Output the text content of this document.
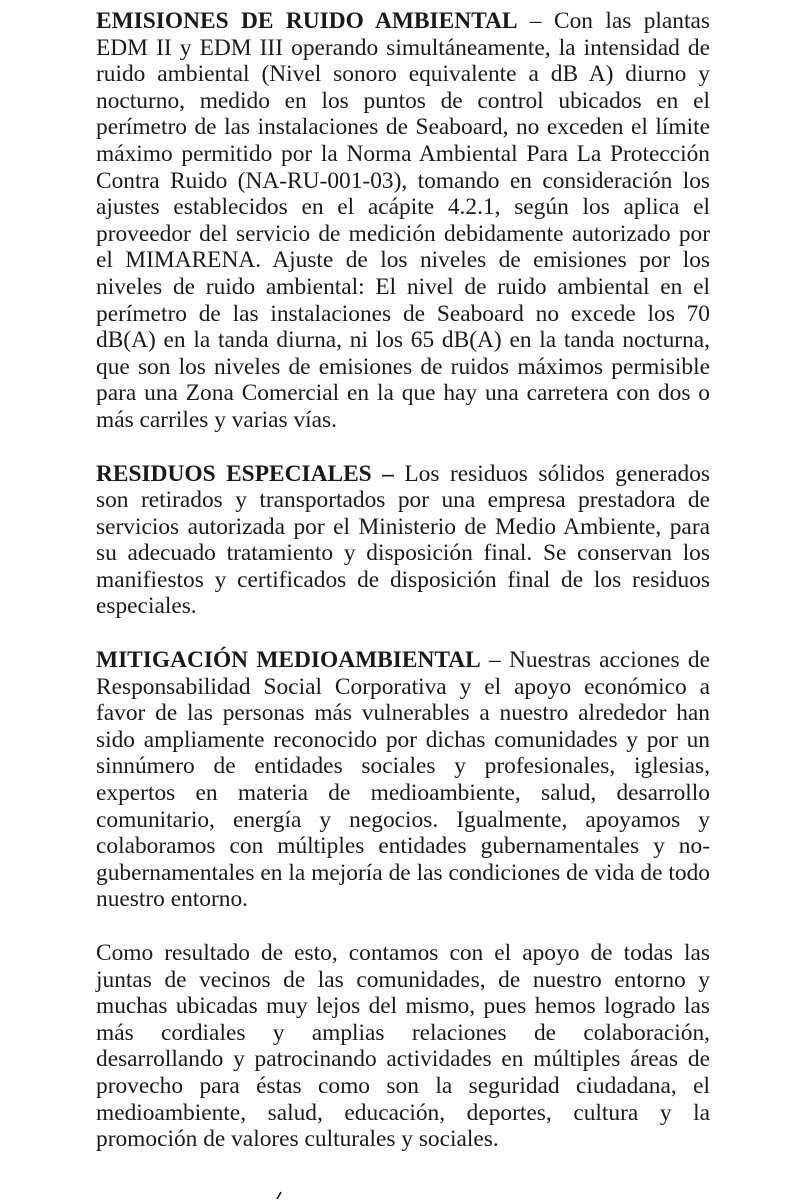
EMISIONES DE RUIDO AMBIENTAL – Con las plantas EDM II y EDM III operando simultáneamente, la intensidad de ruido ambiental (Nivel sonoro equivalente a dB A) diurno y nocturno, medido en los puntos de control ubicados en el perímetro de las instalaciones de Seaboard, no exceden el límite máximo permitido por la Norma Ambiental Para La Protección Contra Ruido (NA-RU-001-03), tomando en consideración los ajustes establecidos en el acápite 4.2.1, según los aplica el proveedor del servicio de medición debidamente autorizado por el MIMARENA. Ajuste de los niveles de emisiones por los niveles de ruido ambiental: El nivel de ruido ambiental en el perímetro de las instalaciones de Seaboard no excede los 70 dB(A) en la tanda diurna, ni los 65 dB(A) en la tanda nocturna, que son los niveles de emisiones de ruidos máximos permisible para una Zona Comercial en la que hay una carretera con dos o más carriles y varias vías.

RESIDUOS ESPECIALES – Los residuos sólidos generados son retirados y transportados por una empresa prestadora de servicios autorizada por el Ministerio de Medio Ambiente, para su adecuado tratamiento y disposición final. Se conservan los manifiestos y certificados de disposición final de los residuos especiales.

MITIGACIÓN MEDIOAMBIENTAL – Nuestras acciones de Responsabilidad Social Corporativa y el apoyo económico a favor de las personas más vulnerables a nuestro alrededor han sido ampliamente reconocido por dichas comunidades y por un sinnúmero de entidades sociales y profesionales, iglesias, expertos en materia de medioambiente, salud, desarrollo comunitario, energía y negocios. Igualmente, apoyamos y colaboramos con múltiples entidades gubernamentales y no-gubernamentales en la mejoría de las condiciones de vida de todo nuestro entorno.

Como resultado de esto, contamos con el apoyo de todas las juntas de vecinos de las comunidades, de nuestro entorno y muchas ubicadas muy lejos del mismo, pues hemos logrado las más cordiales y amplias relaciones de colaboración, desarrollando y patrocinando actividades en múltiples áreas de provecho para éstas como son la seguridad ciudadana, el medioambiente, salud, educación, deportes, cultura y la promoción de valores culturales y sociales.
